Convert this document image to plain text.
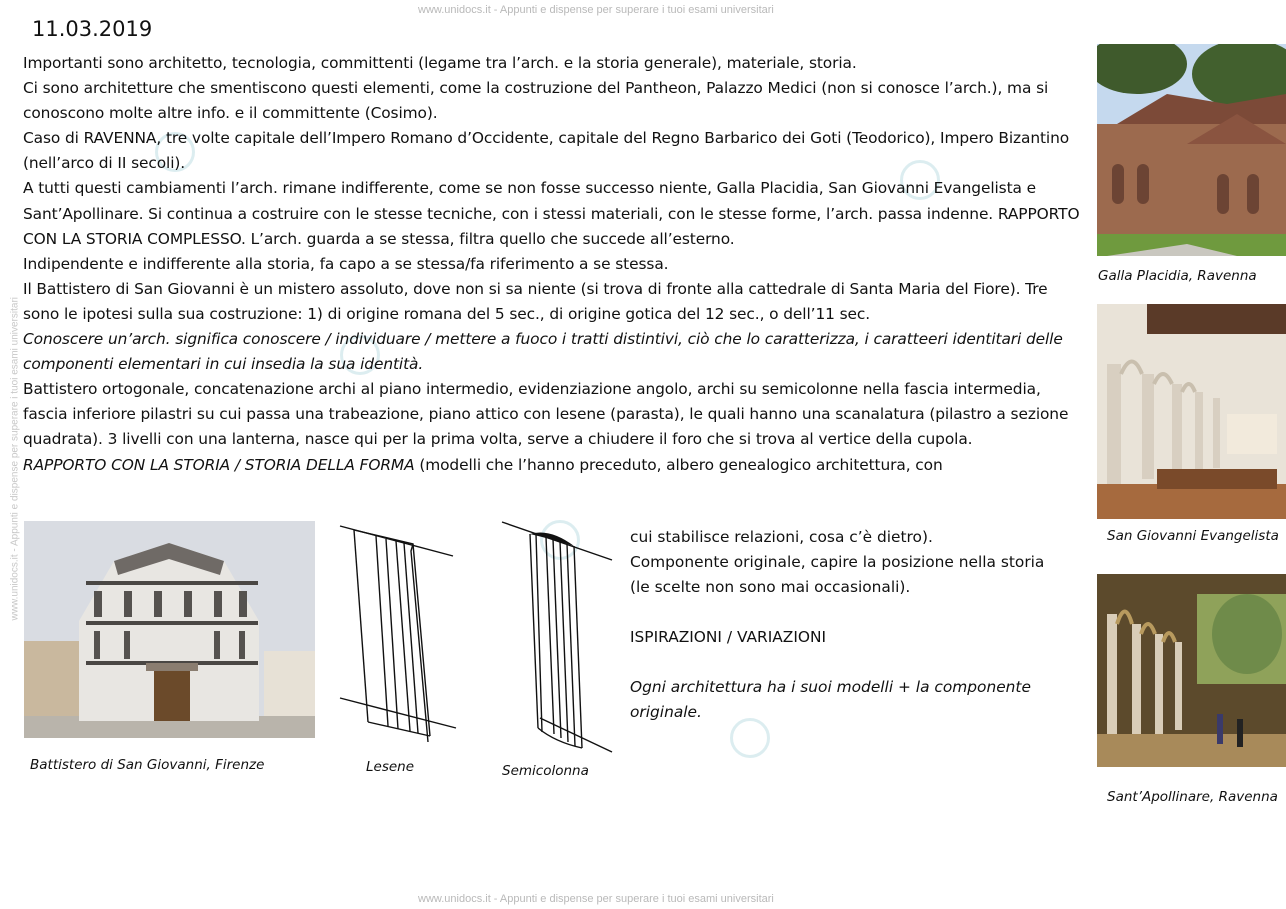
www.unidocs.it - Appunti e dispense per superare i tuoi esami universitari
www.unidocs.it - Appunti e dispense per superare i tuoi esami universitari
www.unidocs.it - Appunti e dispense per superare i tuoi esami universitari
11.03.2019

Importanti sono architetto, tecnologia, committenti (legame tra l’arch. e la storia generale), materiale, storia.

Ci sono architetture che smentiscono questi elementi, come la costruzione del Pantheon, Palazzo Medici (non si conosce l’arch.), ma si conoscono molte altre info. e il committente (Cosimo).

Caso di RAVENNA, tre volte capitale dell’Impero Romano d’Occidente, capitale del Regno Barbarico dei Goti (Teodorico), Impero Bizantino (nell’arco di II secoli).

A tutti questi cambiamenti l’arch. rimane indifferente, come se non fosse successo niente, Galla Placidia, San Giovanni Evangelista e Sant’Apollinare. Si continua a costruire con le stesse tecniche, con i stessi materiali, con le stesse forme, l’arch. passa indenne. RAPPORTO CON LA STORIA COMPLESSO. L’arch. guarda a se stessa, filtra quello che succede all’esterno.

Indipendente e indifferente alla storia, fa capo a se stessa/fa riferimento a se stessa.

Il Battistero di San Giovanni è un mistero assoluto, dove non si sa niente (si trova di fronte alla cattedrale di Santa Maria del Fiore). Tre sono le ipotesi sulla sua costruzione: 1) di origine romana del 5 sec., di origine gotica del 12 sec., o dell’11 sec.

Conoscere un’arch. significa conoscere / individuare / mettere a fuoco i tratti distintivi, ciò che lo caratterizza, i caratteeri identitari delle componenti elementari in cui insedia la sua identità.

Battistero ortogonale, concatenazione archi al piano intermedio, evidenziazione angolo, archi su semicolonne nella fascia intermedia, fascia inferiore pilastri su cui passa una trabeazione, piano attico con lesene (parasta), le quali hanno una scanalatura (pilastro a sezione quadrata). 3 livelli con una lanterna, nasce qui per la prima volta, serve a chiudere il foro che si trova al vertice della cupola.

RAPPORTO CON LA STORIA / STORIA DELLA FORMA (modelli che l’hanno preceduto, albero genealogico architettura, con

cui stabilisce relazioni, cosa c’è dietro).

Componente originale, capire la posizione nella storia (le scelte non sono mai occasionali).

ISPIRAZIONI / VARIAZIONI

Ogni architettura ha i suoi modelli + la componente originale.

Battistero di San Giovanni, Firenze	Lesene	Semicolonna
Galla Placidia, Ravenna
San Giovanni Evangelista
Sant’Apollinare, Ravenna
